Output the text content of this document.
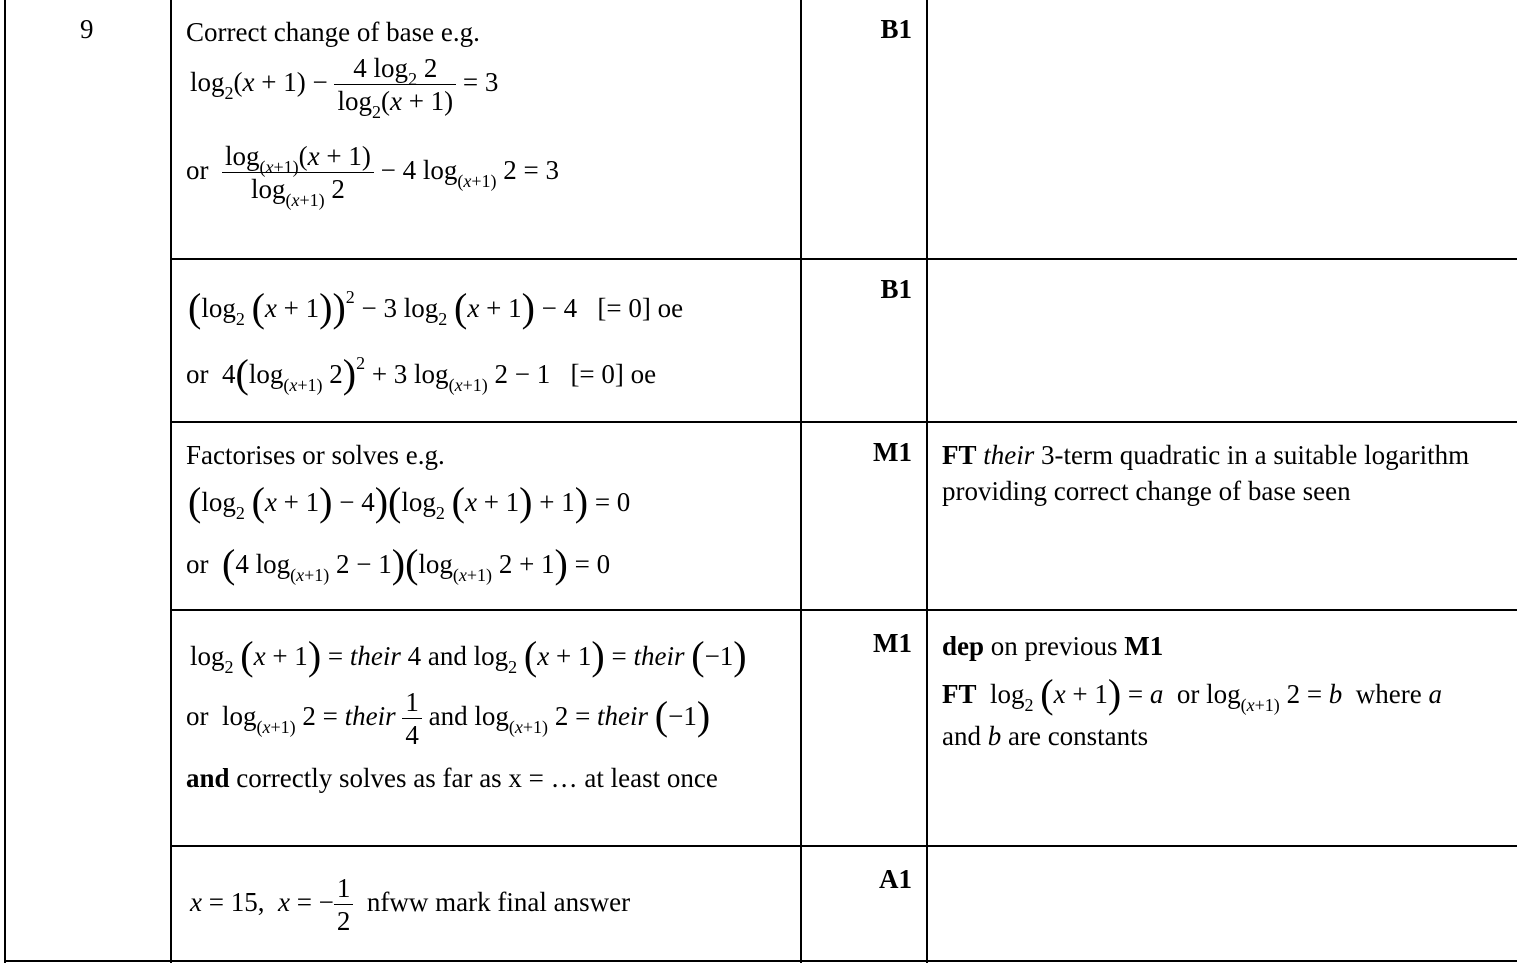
9	Correct change of base e.g.
$\log_2(x + 1) - \frac{4 \log_2 2}{\log_2(x + 1)} = 3$
or $\frac{\log_{(x+1)}(x + 1)}{\log_{(x+1)} 2} - 4$ $\log_{(x+1)} 2 = 3$
B1
($\log_2$ (x + 1))$^2$ − 3 $\log_2 (x + 1) - 4$   [= 0] oe
or  $4(\log_{(x+1)}$ 2)$^2$ + 3 $\log_{(x+1)} 2 - 1$   [= 0] oe
B1
Factorises or solves e.g.
($\log_2$ $(x + 1) - 4)(\log_2$ (x + 1) + 1) = 0
or (4 $\log_{(x+1)} 2 - 1)(\log_{(x+1)}$ 2 + 1) = 0
M1 FT their 3-term quadratic in a suitable logarithm providing correct change of base seen
$\log_2 (x + 1)$ = their 4 and $\log_2 (x + 1)$ = their (−1)
or  $\log_{(x+1)} 2$ = their $\frac{1}{4}$ and $\log_{(x+1)} 2$ = their (−1)
and correctly solves as far as x = … at least once
M1 dep on previous M1
FT  $\log_2 (x + 1) = a$ or $\log_{(x+1)} 2 = b$ where a
and b are constants
x = 15,  x = − $\frac{1}{2}$ nfww mark final answer
A1
